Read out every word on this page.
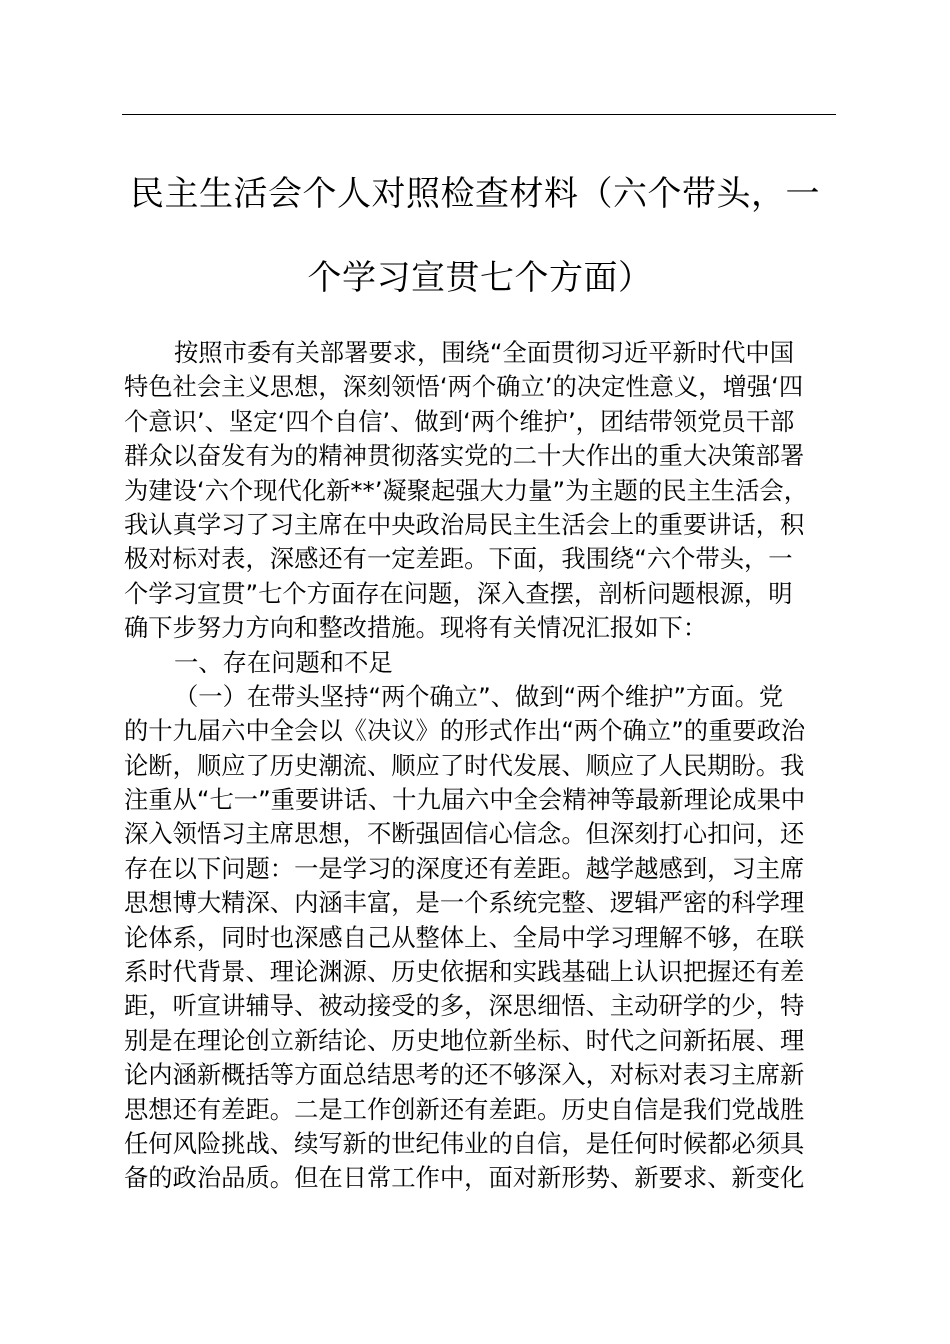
民主生活会个人对照检查材料（六个带头，一
个学习宣贯七个方面）
按照市委有关部署要求，围绕“全面贯彻习近平新时代中国
特色社会主义思想，深刻领悟‘两个确立’的决定性意义，增强‘四
个意识’、坚定‘四个自信’、做到‘两个维护’，团结带领党员干部
群众以奋发有为的精神贯彻落实党的二十大作出的重大决策部署
为建设‘六个现代化新**’凝聚起强大力量”为主题的民主生活会，
我认真学习了习主席在中央政治局民主生活会上的重要讲话，积
极对标对表，深感还有一定差距。下面，我围绕“六个带头，一
个学习宣贯”七个方面存在问题，深入查摆，剖析问题根源，明
确下步努力方向和整改措施。现将有关情况汇报如下：
一、存在问题和不足
（一）在带头坚持“两个确立”、做到“两个维护”方面。党
的十九届六中全会以《决议》的形式作出“两个确立”的重要政治
论断，顺应了历史潮流、顺应了时代发展、顺应了人民期盼。我
注重从“七一”重要讲话、十九届六中全会精神等最新理论成果中
深入领悟习主席思想，不断强固信心信念。但深刻打心扣问，还
存在以下问题：一是学习的深度还有差距。越学越感到，习主席
思想博大精深、内涵丰富，是一个系统完整、逻辑严密的科学理
论体系，同时也深感自己从整体上、全局中学习理解不够，在联
系时代背景、理论渊源、历史依据和实践基础上认识把握还有差
距，听宣讲辅导、被动接受的多，深思细悟、主动研学的少，特
别是在理论创立新结论、历史地位新坐标、时代之问新拓展、理
论内涵新概括等方面总结思考的还不够深入，对标对表习主席新
思想还有差距。二是工作创新还有差距。历史自信是我们党战胜
任何风险挑战、续写新的世纪伟业的自信，是任何时候都必须具
备的政治品质。但在日常工作中，面对新形势、新要求、新变化
